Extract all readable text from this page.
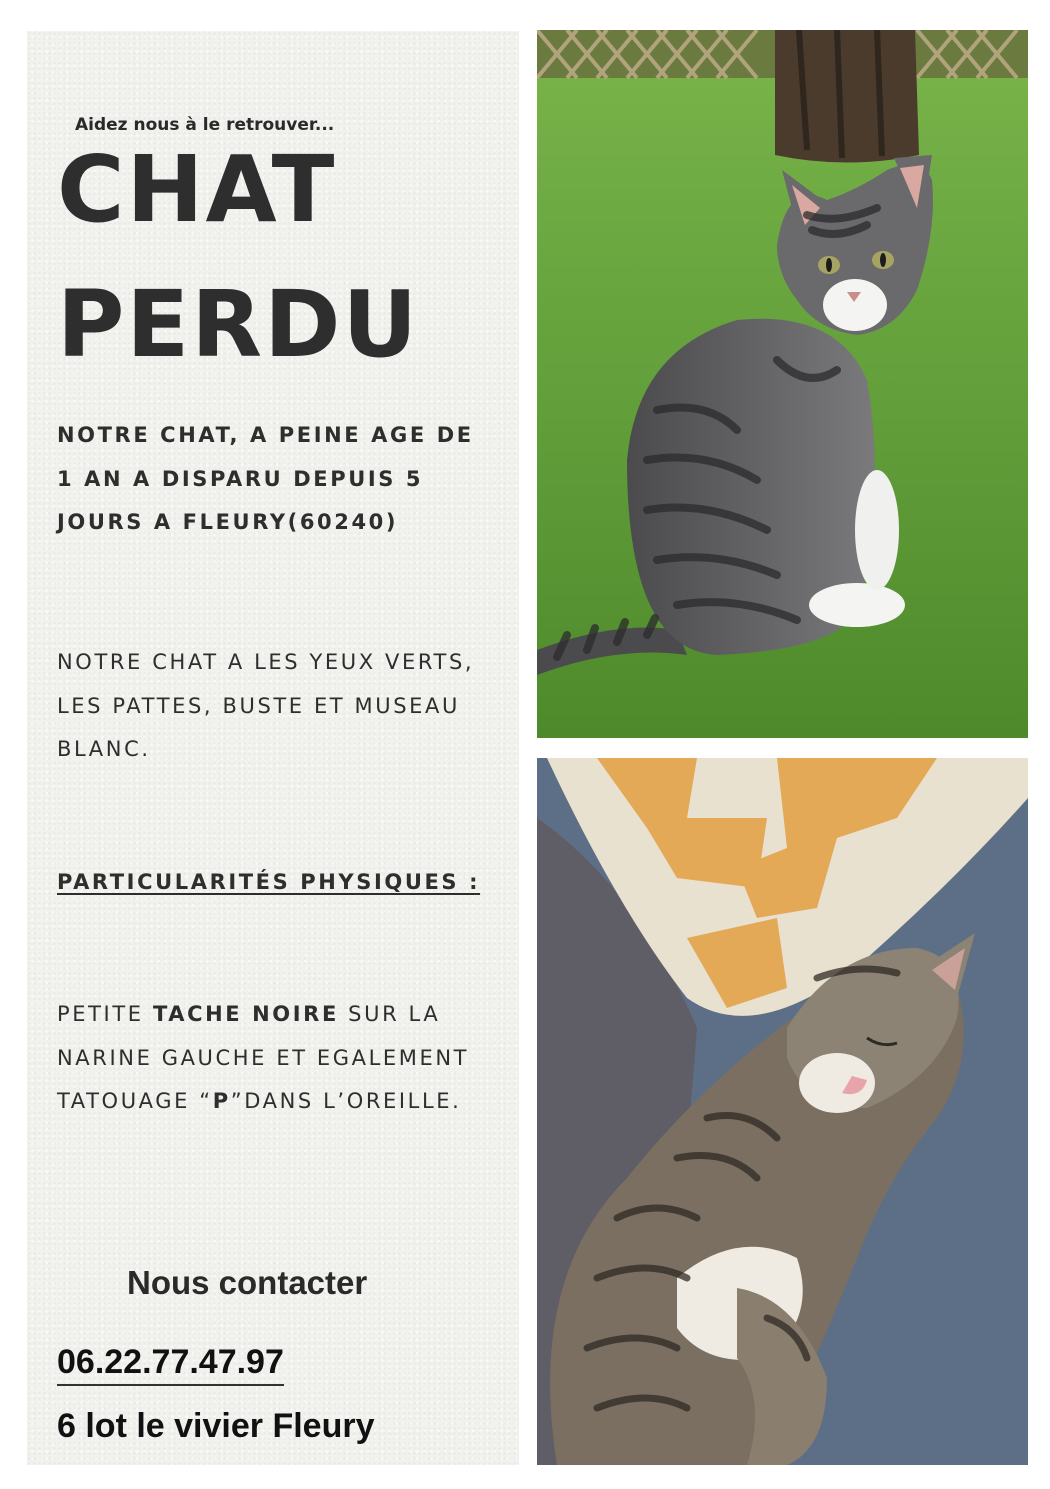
Aidez nous à le retrouver...
CHAT
PERDU
NOTRE CHAT, A PEINE AGE DE 1 AN A DISPARU DEPUIS 5 JOURS A FLEURY(60240)
NOTRE CHAT A LES YEUX VERTS, LES PATTES, BUSTE ET MUSEAU BLANC.
PARTICULARITÉS PHYSIQUES :
PETITE TACHE NOIRE SUR LA NARINE GAUCHE ET EGALEMENT TATOUAGE “P”DANS L’OREILLE.
Nous contacter
06.22.77.47.97
6 lot le vivier Fleury
